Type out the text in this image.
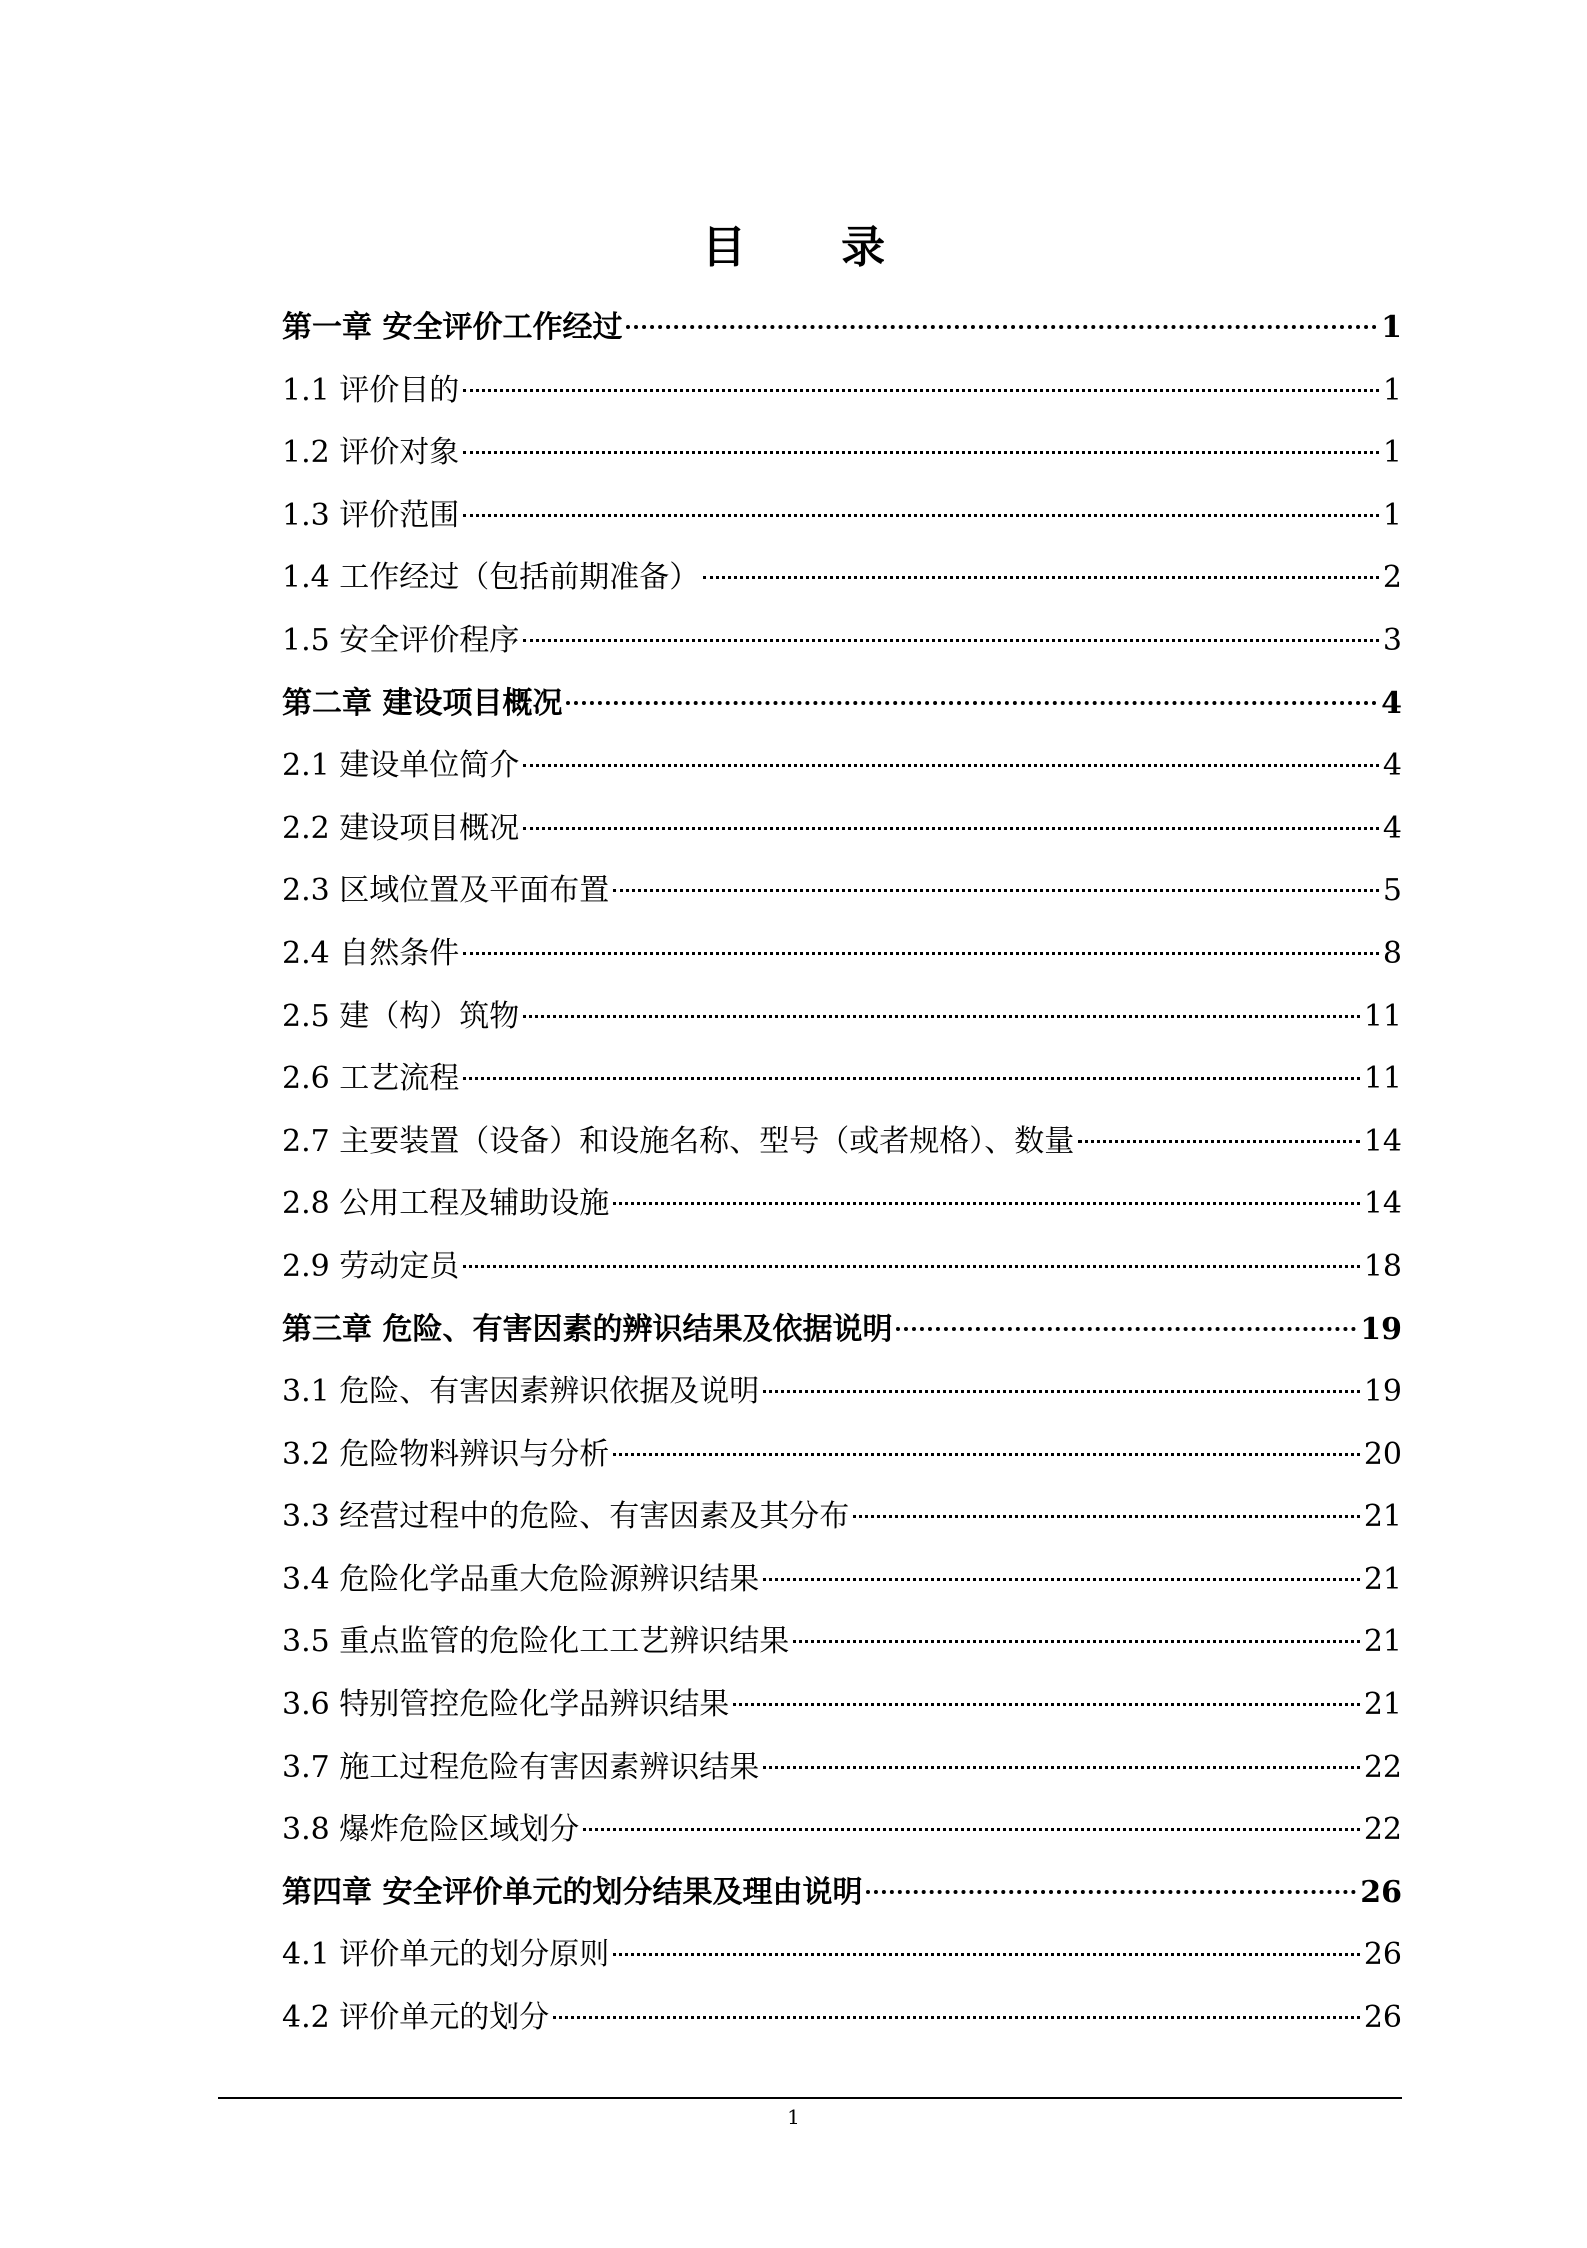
目 录
第一章 安全评价工作经过	1
1.1 评价目的	1
1.2 评价对象	1
1.3 评价范围	1
1.4 工作经过（包括前期准备）	2
1.5 安全评价程序	3
第二章 建设项目概况	4
2.1 建设单位简介	4
2.2 建设项目概况	4
2.3 区域位置及平面布置	5
2.4 自然条件	8
2.5 建（构）筑物	11
2.6 工艺流程	11
2.7 主要装置（设备）和设施名称、型号（或者规格）、数量	14
2.8 公用工程及辅助设施	14
2.9 劳动定员	18
第三章 危险、有害因素的辨识结果及依据说明	19
3.1 危险、有害因素辨识依据及说明	19
3.2 危险物料辨识与分析	20
3.3 经营过程中的危险、有害因素及其分布	21
3.4 危险化学品重大危险源辨识结果	21
3.5 重点监管的危险化工工艺辨识结果	21
3.6 特别管控危险化学品辨识结果	21
3.7 施工过程危险有害因素辨识结果	22
3.8 爆炸危险区域划分	22
第四章 安全评价单元的划分结果及理由说明	26
4.1 评价单元的划分原则	26
4.2 评价单元的划分	26
1
